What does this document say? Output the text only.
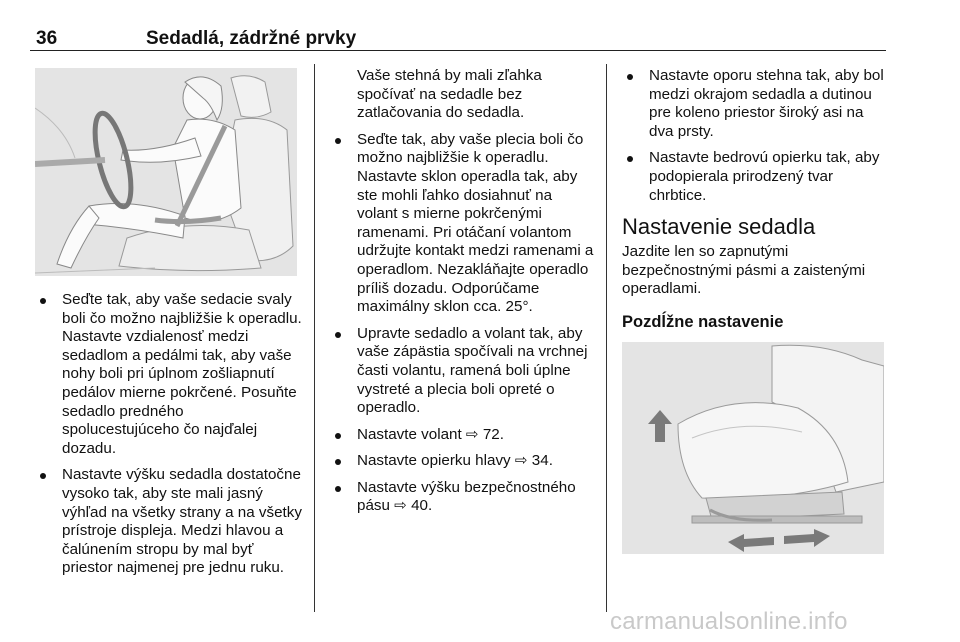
36	Sedadlá, zádržné prvky
Seďte tak, aby vaše sedacie svaly boli čo možno najbližšie k operadlu. Nastavte vzdialenosť medzi sedadlom a pedálmi tak, aby vaše nohy boli pri úplnom zošliapnutí pedálov mierne pokrčené. Posuňte sedadlo predného spolucestujúceho čo najďalej dozadu.
Nastavte výšku sedadla dostatočne vysoko tak, aby ste mali jasný výhľad na všetky strany a na všetky prístroje displeja. Medzi hlavou a čalúnením stropu by mal byť priestor najmenej pre jednu ruku.

Vaše stehná by mali zľahka spočívať na sedadle bez zatlačovania do sedadla.

Seďte tak, aby vaše plecia boli čo možno najbližšie k operadlu. Nastavte sklon operadla tak, aby ste mohli ľahko dosiahnuť na volant s mierne pokrčenými ramenami. Pri otáčaní volantom udržujte kontakt medzi ramenami a operadlom. Nezakláňajte operadlo príliš dozadu. Odporúčame maximálny sklon cca. 25°.
Upravte sedadlo a volant tak, aby vaše zápästia spočívali na vrchnej časti volantu, ramená boli úplne vystreté a plecia boli opreté o operadlo.
Nastavte volant ⇨ 72.
Nastavte opierku hlavy ⇨ 34.
Nastavte výšku bezpečnostného pásu ⇨ 40.
Nastavte oporu stehna tak, aby bol medzi okrajom sedadla a dutinou pre koleno priestor široký asi na dva prsty.
Nastavte bedrovú opierku tak, aby podopierala prirodzený tvar chrbtice.
Nastavenie sedadla

Jazdite len so zapnutými bezpečnostnými pásmi a zaistenými operadlami.

Pozdĺžne nastavenie
carmanualsonline.info
